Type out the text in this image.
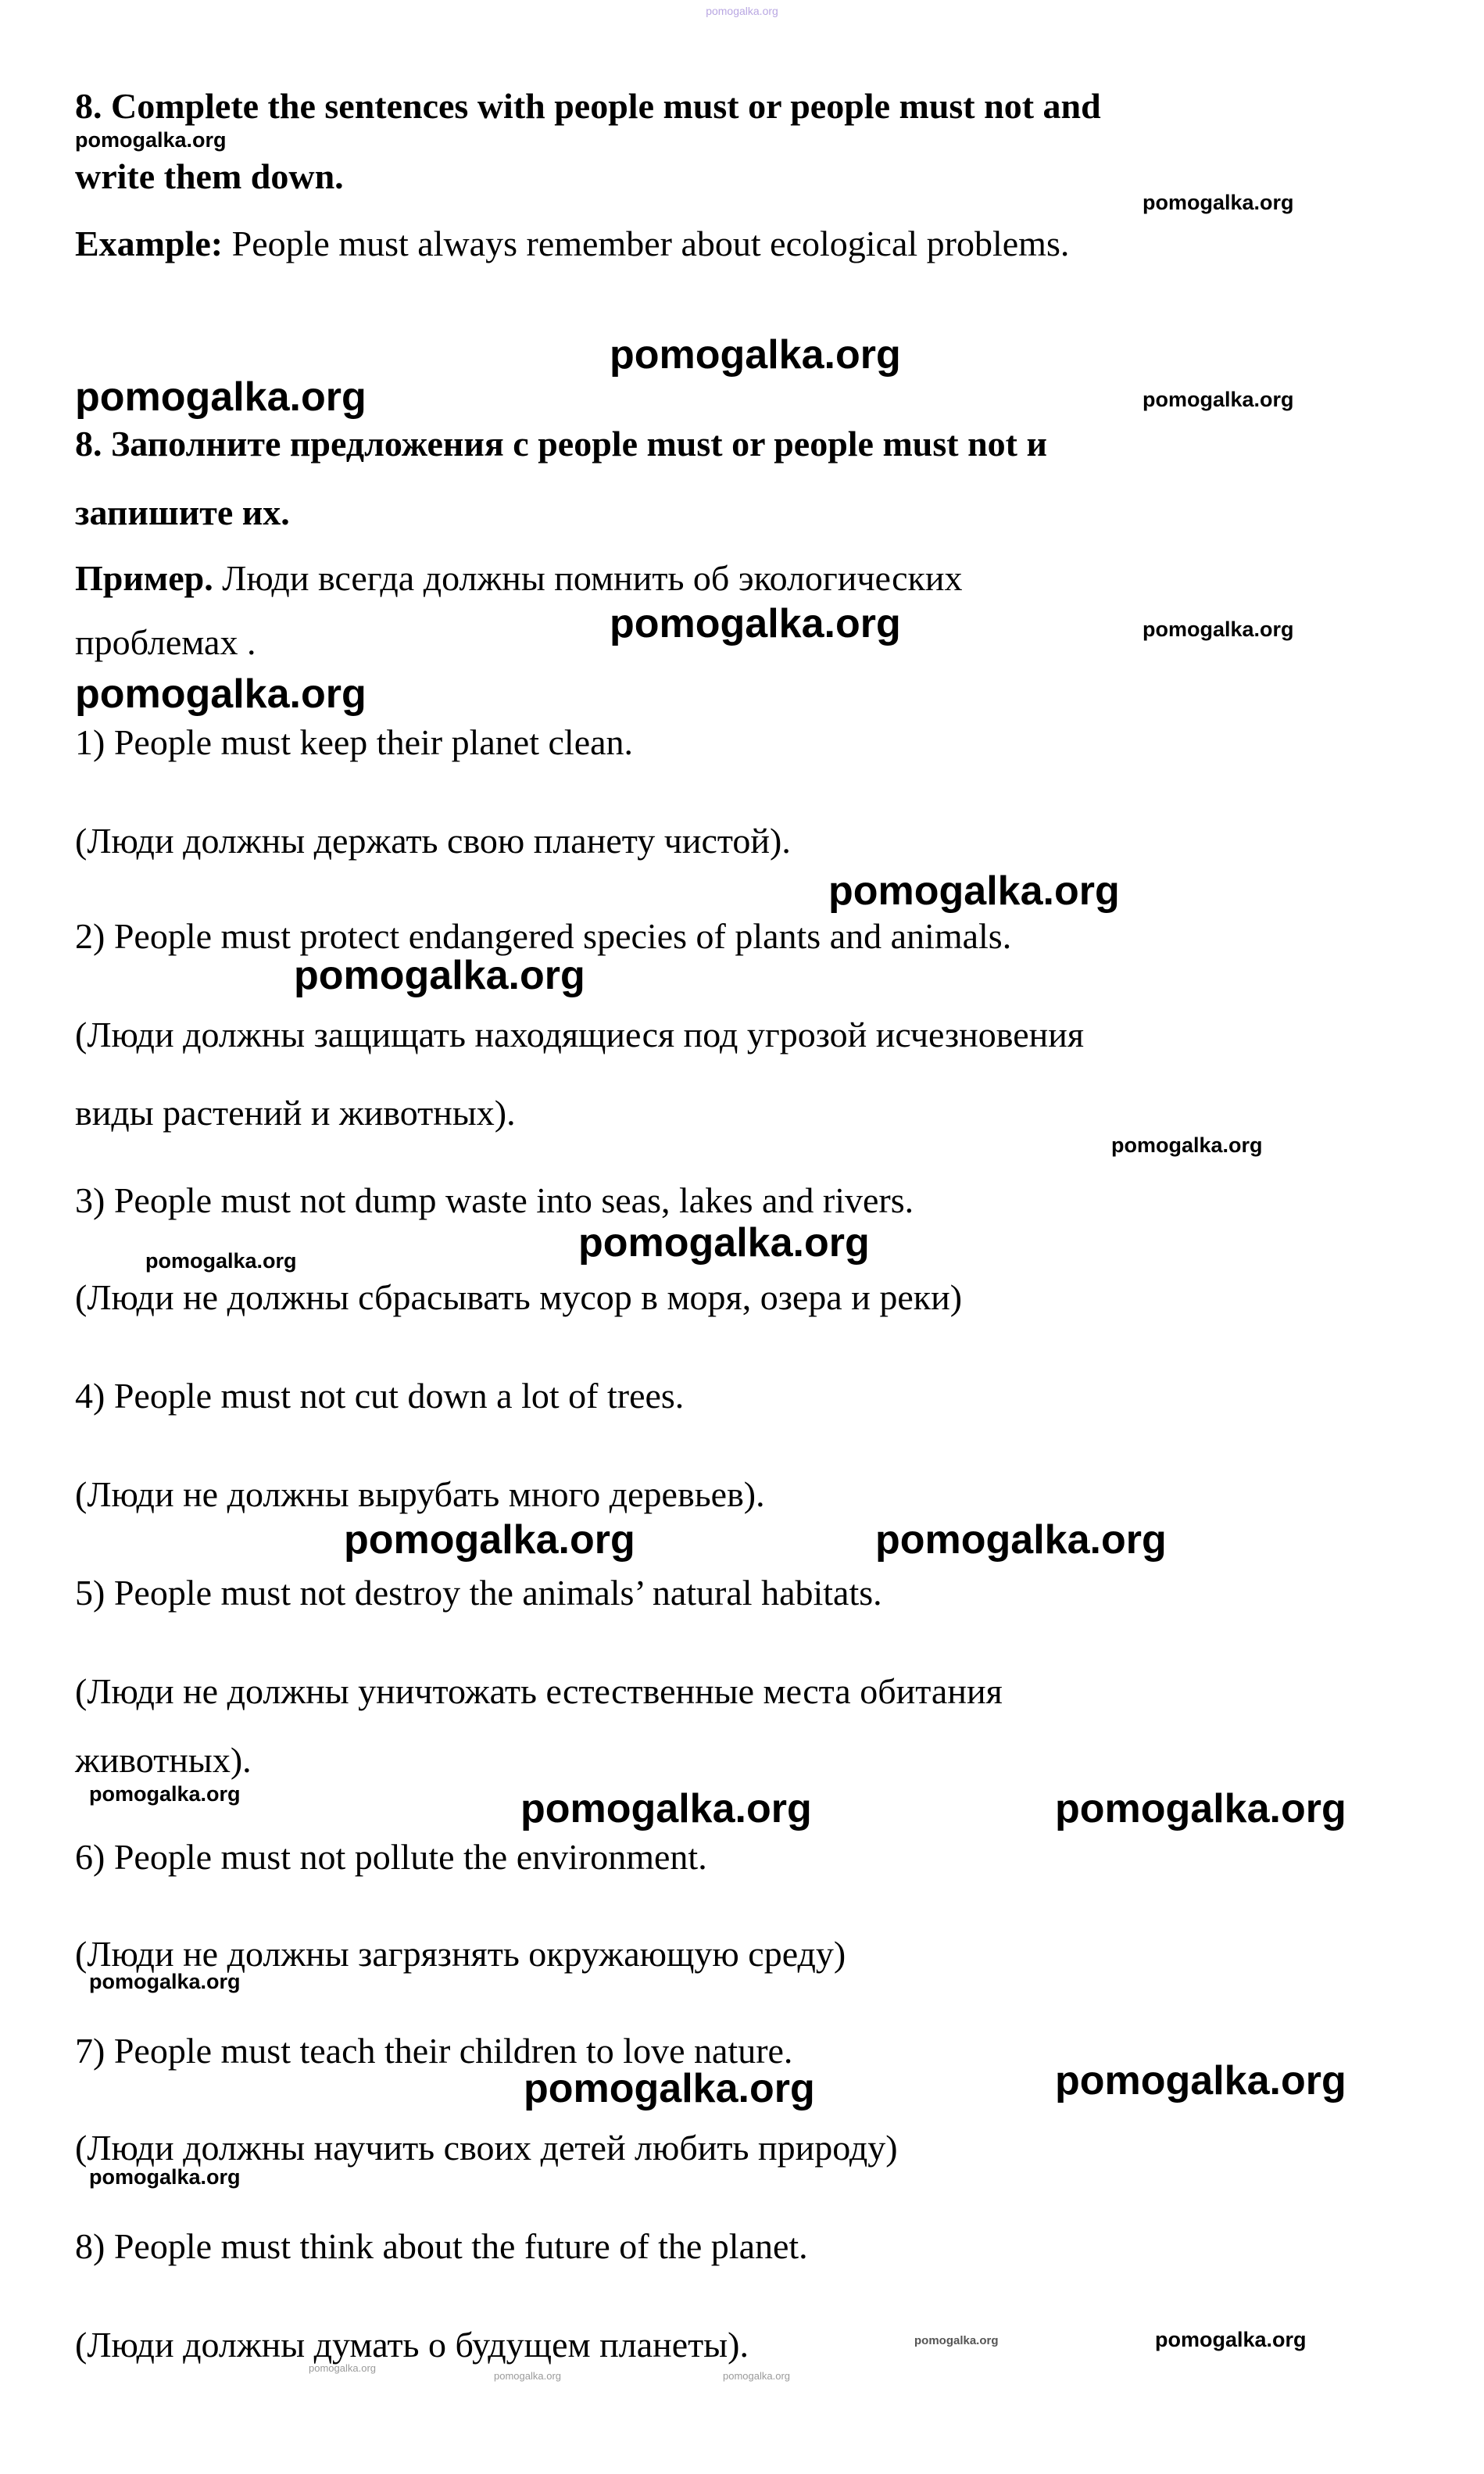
pomogalka.org
8. Complete the sentences with people must or people must not and
pomogalka.org
write them down.
pomogalka.org
Example: People must always remember about ecological problems.
pomogalka.org
pomogalka.org	pomogalka.org
8. Заполните предложения с people must or people must not и
запишите их.
Пример. Люди всегда должны помнить об экологических
проблемах .	pomogalka.org	pomogalka.org
pomogalka.org
1) People must keep their planet clean.
(Люди должны держать свою планету чистой).
pomogalka.org
2) People must protect endangered species of plants and animals.
pomogalka.org
(Люди должны защищать находящиеся под угрозой исчезновения
виды растений и животных).
pomogalka.org
3) People must not dump waste into seas, lakes and rivers.
pomogalka.org
pomogalka.org
(Люди не должны сбрасывать мусор в моря, озера и реки)
4) People must not cut down a lot of trees.
(Люди не должны вырубать много деревьев).
pomogalka.org	pomogalka.org
5) People must not destroy the animals’ natural habitats.
(Люди не должны уничтожать естественные места обитания
животных).
pomogalka.org	pomogalka.org	pomogalka.org
6) People must not pollute the environment.
(Люди не должны загрязнять окружающую среду)
pomogalka.org
7) People must teach their children to love nature.
pomogalka.org	pomogalka.org
(Люди должны научить своих детей любить природу)
pomogalka.org
8) People must think about the future of the planet.
(Люди должны думать о будущем планеты).	pomogalka.org	pomogalka.org
pomogalka.org
pomogalka.org	pomogalka.org
